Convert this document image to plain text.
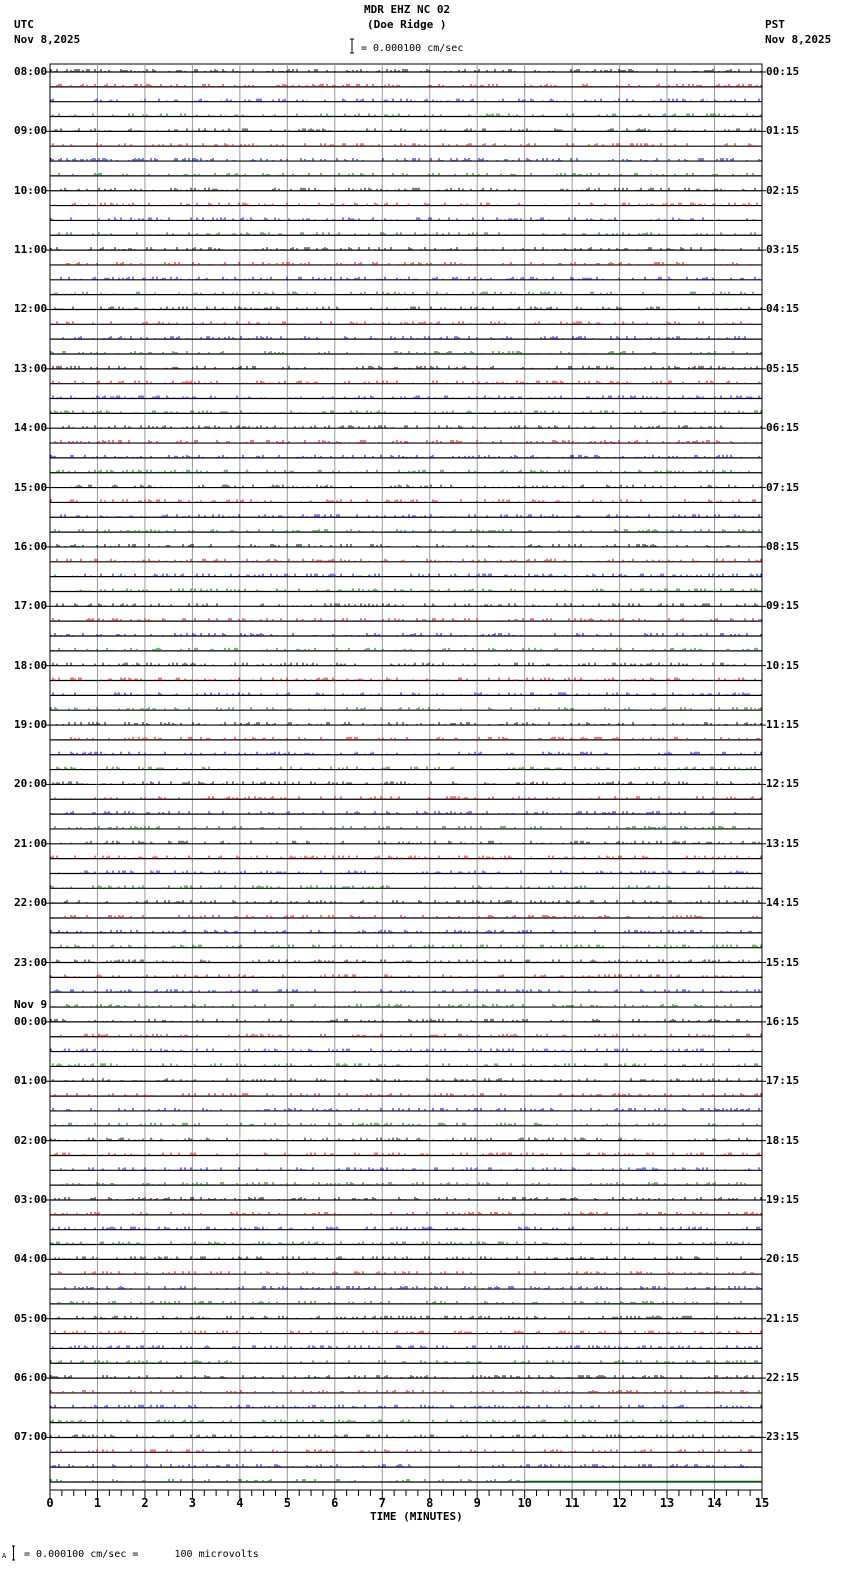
MDR EHZ NC 02
(Doe Ridge )
UTC
Nov 8,2025
PST
Nov 8,2025
= 0.000100 cm/sec
TIME (MINUTES)
A = 0.000100 cm/sec =      100 microvolts
Nov 9
0	1	2	3	4	5	6	7	8	9	10	11	12	13	14	15
08:00	00:15
09:00	01:15
10:00	02:15
11:00	03:15
12:00	04:15
13:00	05:15
14:00	06:15
15:00	07:15
16:00	08:15
17:00	09:15
18:00	10:15
19:00	11:15
20:00	12:15
21:00	13:15
22:00	14:15
23:00	15:15
00:00	16:15
01:00	17:15
02:00	18:15
03:00	19:15
04:00	20:15
05:00	21:15
06:00	22:15
07:00	23:15
